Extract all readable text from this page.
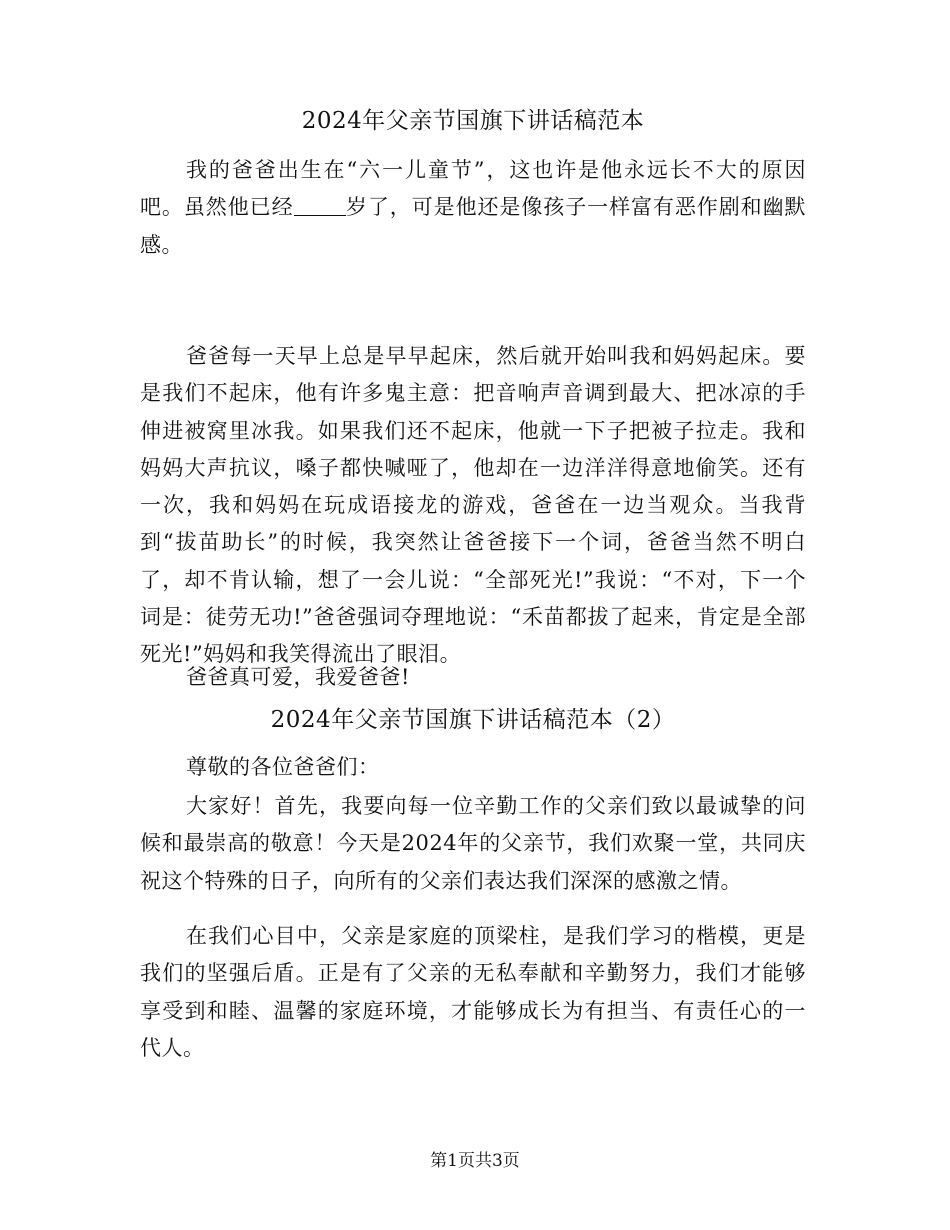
2024年父亲节国旗下讲话稿范本
我的爸爸出生在“六一儿童节”，这也许是他永远长不大的原因吧。虽然他已经 岁了，可是他还是像孩子一样富有恶作剧和幽默感。
爸爸每一天早上总是早早起床，然后就开始叫我和妈妈起床。要是我们不起床，他有许多鬼主意：把音响声音调到最大、把冰凉的手伸进被窝里冰我。如果我们还不起床，他就一下子把被子拉走。我和妈妈大声抗议，嗓子都快喊哑了，他却在一边洋洋得意地偷笑。还有一次，我和妈妈在玩成语接龙的游戏，爸爸在一边当观众。当我背到“拔苗助长”的时候，我突然让爸爸接下一个词，爸爸当然不明白了，却不肯认输，想了一会儿说：“全部死光!”我说：“不对，下一个词是：徒劳无功!”爸爸强词夺理地说：“禾苗都拔了起来，肯定是全部死光!”妈妈和我笑得流出了眼泪。
爸爸真可爱，我爱爸爸!
2024年父亲节国旗下讲话稿范本（2）
尊敬的各位爸爸们：
大家好！首先，我要向每一位辛勤工作的父亲们致以最诚挚的问候和最崇高的敬意！今天是2024年的父亲节，我们欢聚一堂，共同庆祝这个特殊的日子，向所有的父亲们表达我们深深的感激之情。
在我们心目中，父亲是家庭的顶梁柱，是我们学习的楷模，更是我们的坚强后盾。正是有了父亲的无私奉献和辛勤努力，我们才能够享受到和睦、温馨的家庭环境，才能够成长为有担当、有责任心的一代人。
第1页共3页
